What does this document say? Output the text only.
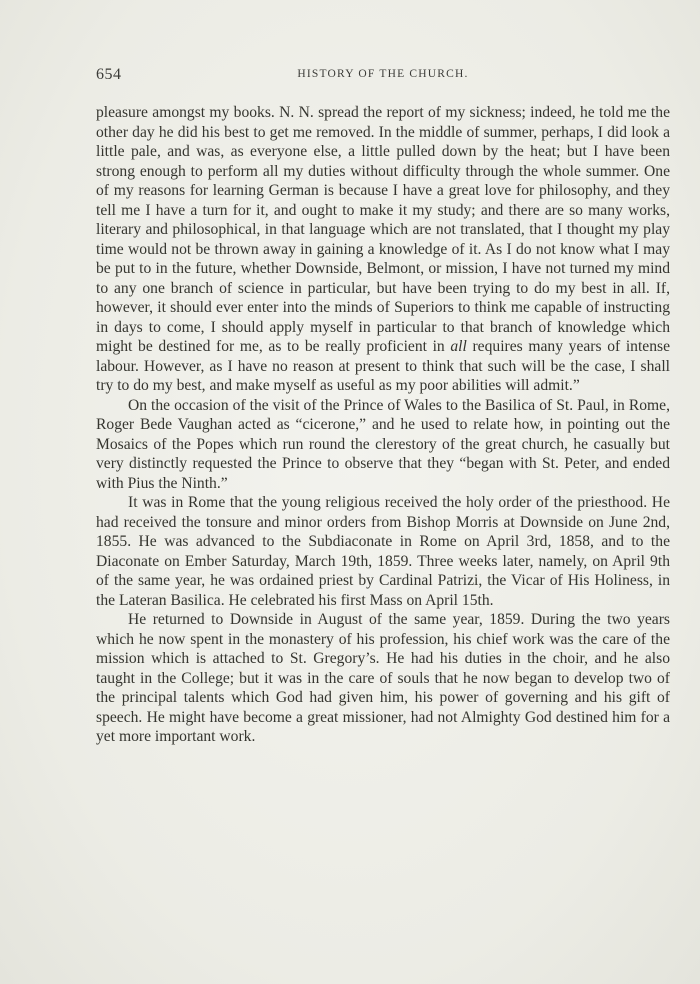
654	HISTORY OF THE CHURCH.

pleasure amongst my books. N. N. spread the report of my sickness; indeed, he told me the other day he did his best to get me removed. In the middle of summer, perhaps, I did look a little pale, and was, as everyone else, a little pulled down by the heat; but I have been strong enough to perform all my duties without difficulty through the whole summer. One of my reasons for learning German is because I have a great love for philosophy, and they tell me I have a turn for it, and ought to make it my study; and there are so many works, literary and philosophical, in that language which are not translated, that I thought my play time would not be thrown away in gaining a knowledge of it. As I do not know what I may be put to in the future, whether Downside, Belmont, or mission, I have not turned my mind to any one branch of science in particular, but have been trying to do my best in all. If, however, it should ever enter into the minds of Superiors to think me capable of instructing in days to come, I should apply myself in particular to that branch of knowledge which might be destined for me, as to be really proficient in all requires many years of intense labour. However, as I have no reason at present to think that such will be the case, I shall try to do my best, and make myself as useful as my poor abilities will admit.”

On the occasion of the visit of the Prince of Wales to the Basilica of St. Paul, in Rome, Roger Bede Vaughan acted as “cicerone,” and he used to relate how, in pointing out the Mosaics of the Popes which run round the clerestory of the great church, he casually but very distinctly requested the Prince to observe that they “began with St. Peter, and ended with Pius the Ninth.”

It was in Rome that the young religious received the holy order of the priesthood. He had received the tonsure and minor orders from Bishop Morris at Downside on June 2nd, 1855. He was advanced to the Subdiaconate in Rome on April 3rd, 1858, and to the Diaconate on Ember Saturday, March 19th, 1859. Three weeks later, namely, on April 9th of the same year, he was ordained priest by Cardinal Patrizi, the Vicar of His Holiness, in the Lateran Basilica. He celebrated his first Mass on April 15th.

He returned to Downside in August of the same year, 1859. During the two years which he now spent in the monastery of his profession, his chief work was the care of the mission which is attached to St. Gregory’s. He had his duties in the choir, and he also taught in the College; but it was in the care of souls that he now began to develop two of the principal talents which God had given him, his power of governing and his gift of speech. He might have become a great missioner, had not Almighty God destined him for a yet more important work.
